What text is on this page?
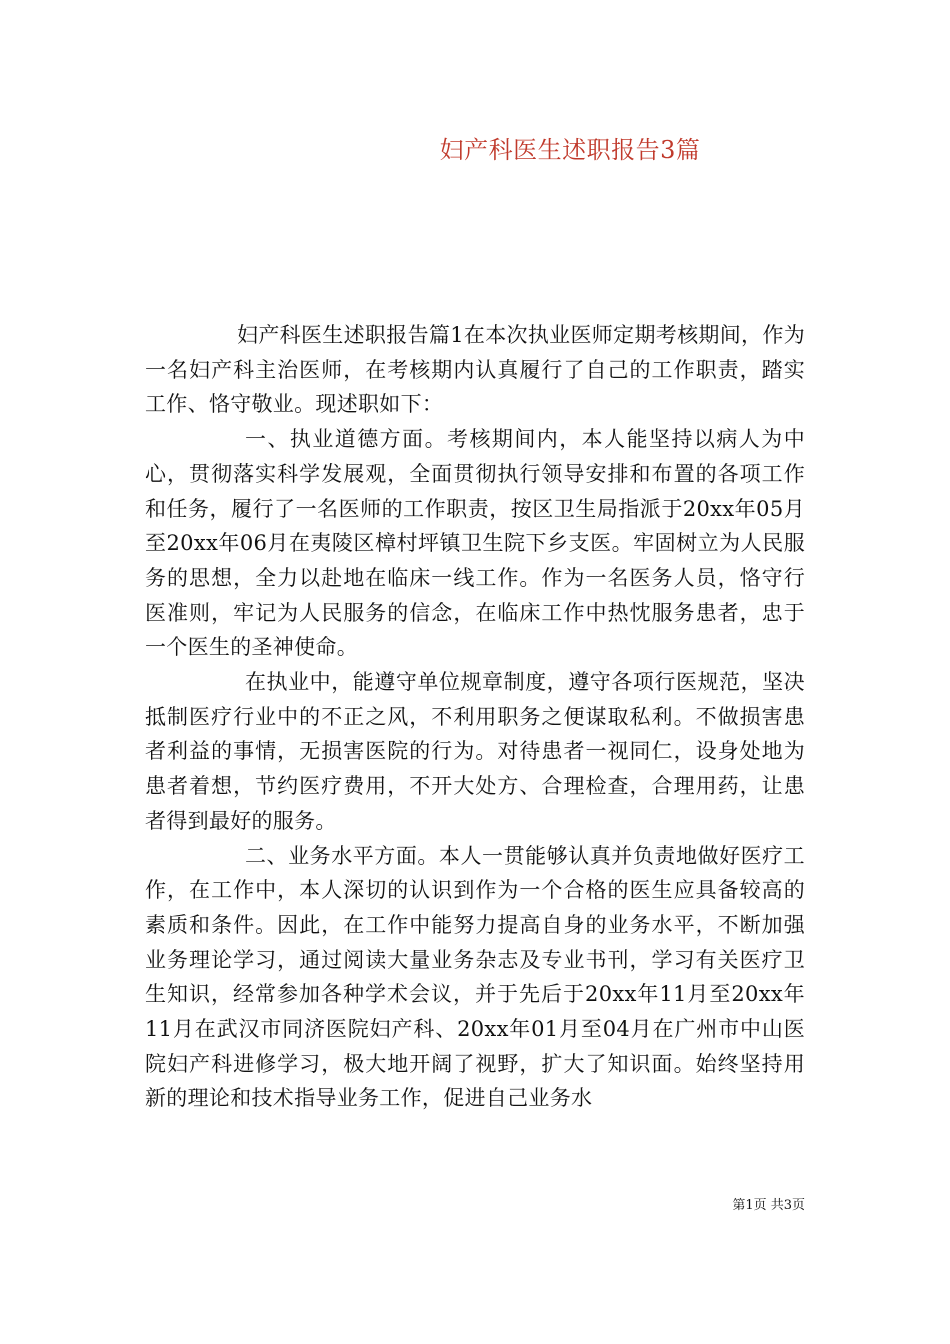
妇产科医生述职报告3篇

妇产科医生述职报告篇1在本次执业医师定期考核期间，作为一名妇产科主治医师，在考核期内认真履行了自己的工作职责，踏实工作、恪守敬业。现述职如下：

一、执业道德方面。考核期间内，本人能坚持以病人为中心，贯彻落实科学发展观，全面贯彻执行领导安排和布置的各项工作和任务，履行了一名医师的工作职责，按区卫生局指派于20xx年05月至20xx年06月在夷陵区樟村坪镇卫生院下乡支医。牢固树立为人民服务的思想，全力以赴地在临床一线工作。作为一名医务人员，恪守行医准则，牢记为人民服务的信念，在临床工作中热忱服务患者，忠于一个医生的圣神使命。

在执业中，能遵守单位规章制度，遵守各项行医规范，坚决抵制医疗行业中的不正之风，不利用职务之便谋取私利。不做损害患者利益的事情，无损害医院的行为。对待患者一视同仁，设身处地为患者着想，节约医疗费用，不开大处方、合理检查，合理用药，让患者得到最好的服务。

二、业务水平方面。本人一贯能够认真并负责地做好医疗工作，在工作中，本人深切的认识到作为一个合格的医生应具备较高的素质和条件。因此，在工作中能努力提高自身的业务水平，不断加强业务理论学习，通过阅读大量业务杂志及专业书刊，学习有关医疗卫生知识，经常参加各种学术会议，并于先后于20xx年11月至20xx年11月在武汉市同济医院妇产科、20xx年01月至04月在广州市中山医院妇产科进修学习，极大地开阔了视野，扩大了知识面。始终坚持用新的理论和技术指导业务工作，促进自己业务水

第1页 共3页
